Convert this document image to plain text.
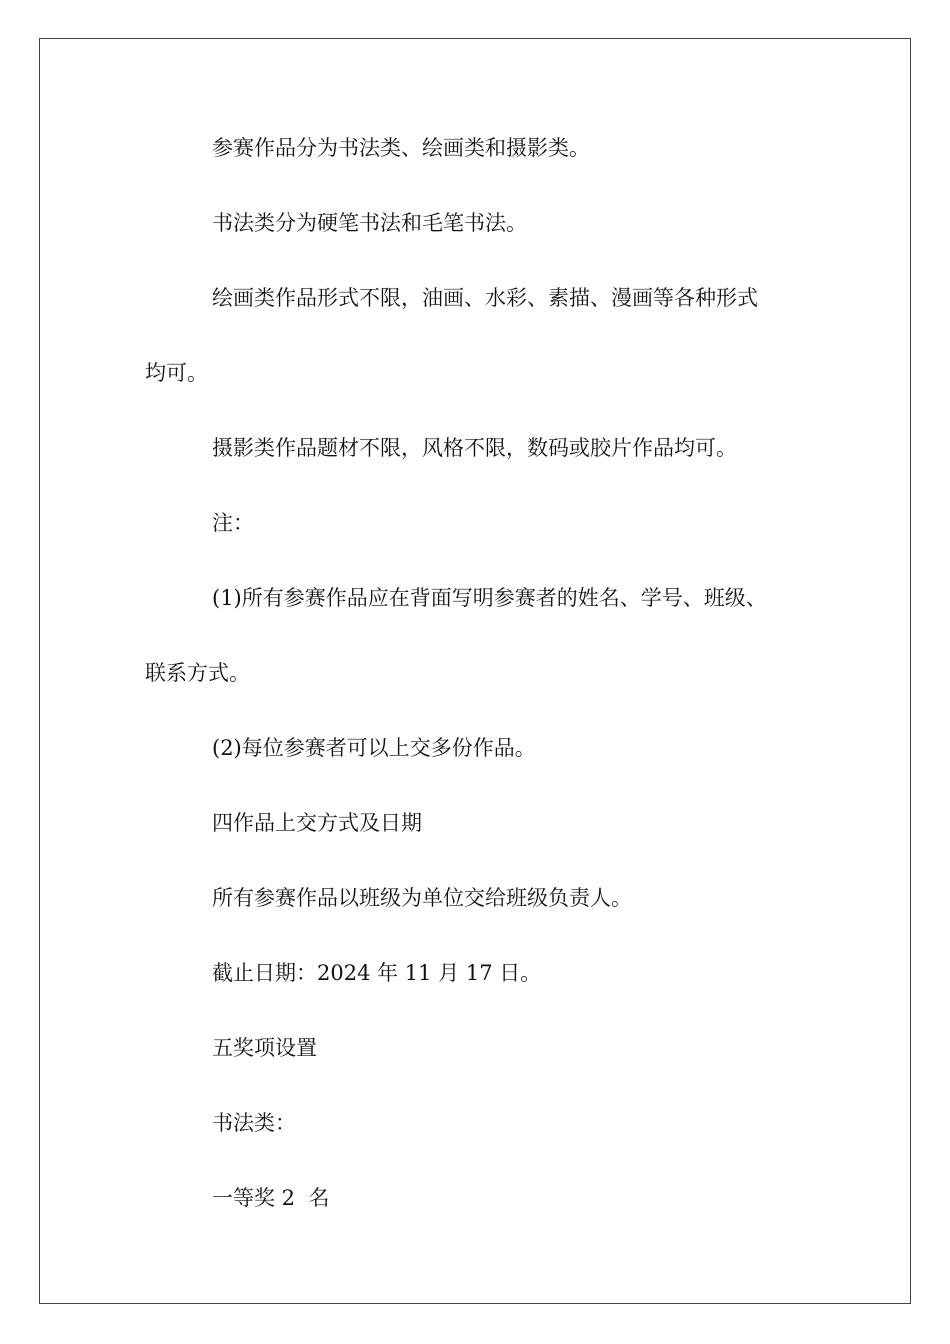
参赛作品分为书法类、绘画类和摄影类。

书法类分为硬笔书法和毛笔书法。

绘画类作品形式不限，油画、水彩、素描、漫画等各种形式

均可。

摄影类作品题材不限，风格不限，数码或胶片作品均可。

注：

(1)所有参赛作品应在背面写明参赛者的姓名、学号、班级、

联系方式。

(2)每位参赛者可以上交多份作品。

四作品上交方式及日期

所有参赛作品以班级为单位交给班级负责人。

截止日期：2024 年 11 月 17 日。

五奖项设置

书法类：

一等奖 2  名
